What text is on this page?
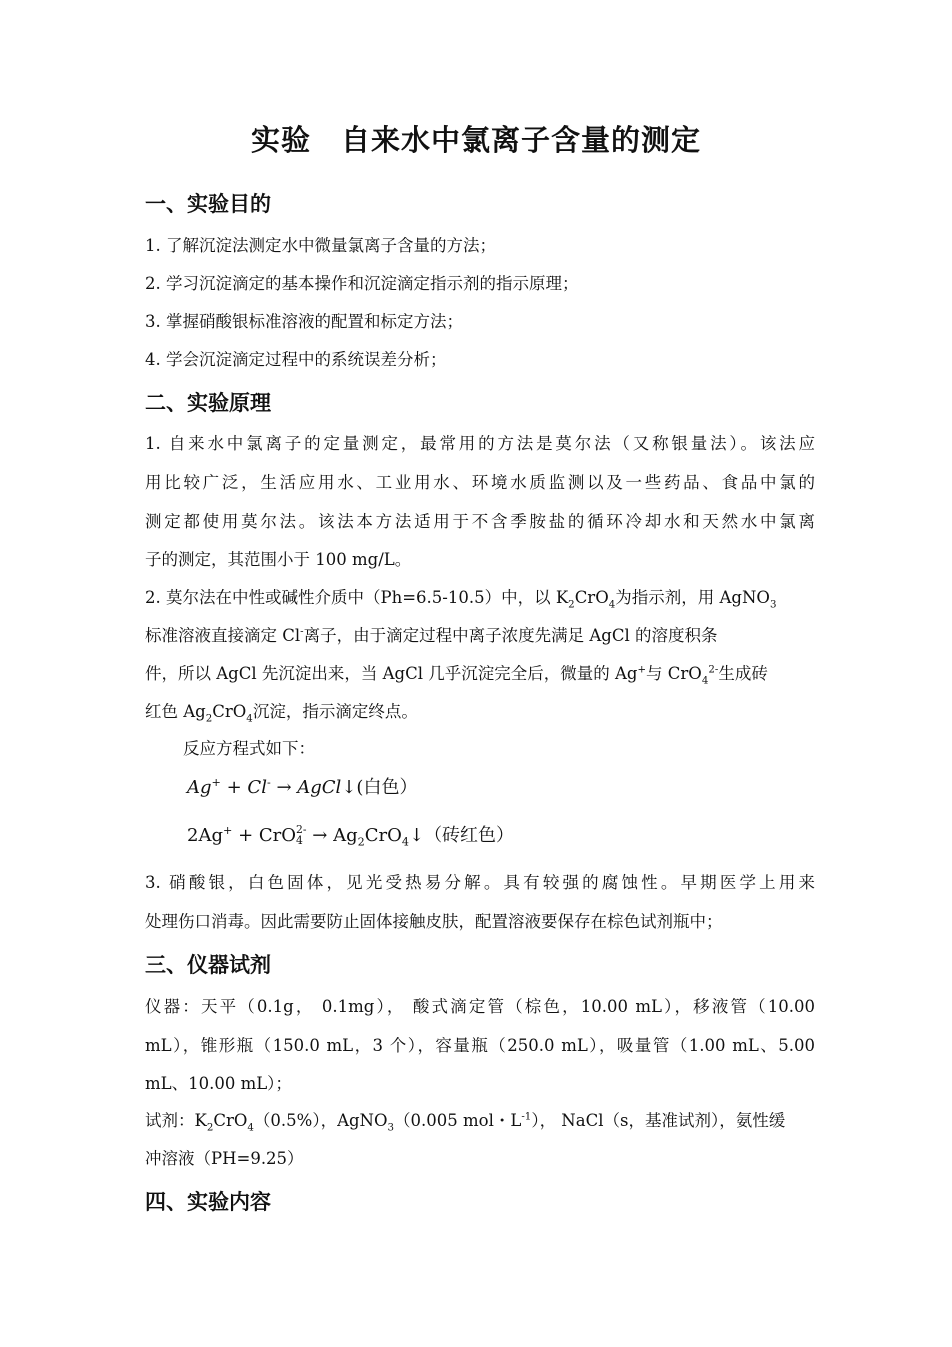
实验　自来水中氯离子含量的测定
一、实验目的
1. 了解沉淀法测定水中微量氯离子含量的方法；
2. 学习沉淀滴定的基本操作和沉淀滴定指示剂的指示原理；
3. 掌握硝酸银标准溶液的配置和标定方法；
4. 学会沉淀滴定过程中的系统误差分析；
二、实验原理
1. 自来水中氯离子的定量测定，最常用的方法是莫尔法（又称银量法）。该法应
用比较广泛，生活应用水、工业用水、环境水质监测以及一些药品、食品中氯的
测定都使用莫尔法。该法本方法适用于不含季胺盐的循环冷却水和天然水中氯离
子的测定，其范围小于 100 mg/L。
2. 莫尔法在中性或碱性介质中（Ph=6.5-10.5）中，以 $K_2CrO_4$为指示剂，用 AgNO$_3$
标准溶液直接滴定 Cl-离子，由于滴定过程中离子浓度先满足 AgCl 的溶度积条
件，所以 AgCl 先沉淀出来，当 AgCl 几乎沉淀完全后，微量的 Ag+与 CrO$_4^{2-}$生成砖
红色 $Ag_2CrO_4$沉淀，指示滴定终点。
反应方程式如下：
Ag+ + Cl- → AgCl↓(白色）
2Ag+ + CrO 2-
$4 \to Ag_2CrO_4↓$（砖红色）
3. 硝酸银，白色固体，见光受热易分解。具有较强的腐蚀性。早期医学上用来
处理伤口消毒。因此需要防止固体接触皮肤，配置溶液要保存在棕色试剂瓶中；
三、仪器试剂
仪器：天平（0.1g， 0.1mg）， 酸式滴定管（棕色，10.00 mL），移液管（10.00
mL），锥形瓶（150.0 mL，3 个），容量瓶（250.0 mL），吸量管（1.00 mL、5.00
mL、10.00 mL）；
试剂：$K_2CrO_4(0.5\%)$，AgNO$_3$（0.005 mol・$L^{-1}$）， NaCl（s，基准试剂），氨性缓
冲溶液（PH=9.25）
四、实验内容
